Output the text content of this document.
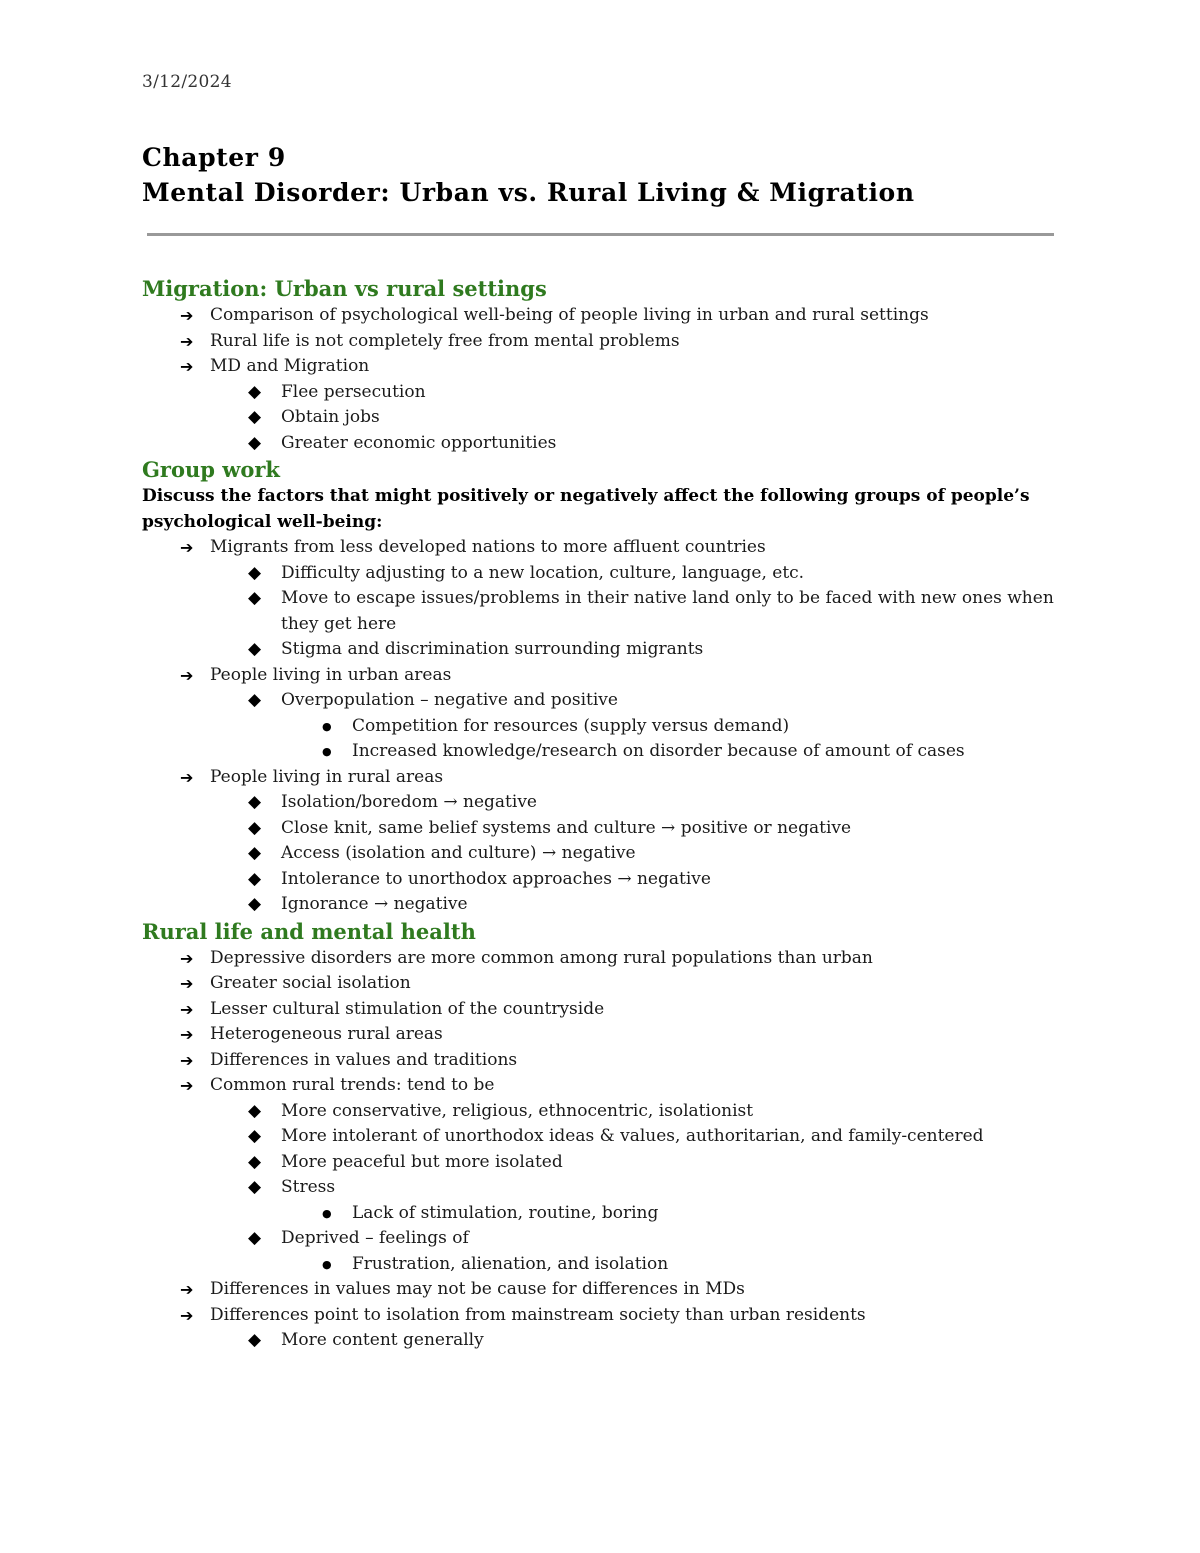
3/12/2024
Chapter 9
Mental Disorder: Urban vs. Rural Living & Migration
Migration: Urban vs rural settings
➔ Comparison of psychological well-being of people living in urban and rural settings
➔ Rural life is not completely free from mental problems
➔ MD and Migration
◆ Flee persecution
◆ Obtain jobs
◆ Greater economic opportunities
Group work

Discuss the factors that might positively or negatively affect the following groups of people’s psychological well-being:

➔ Migrants from less developed nations to more affluent countries
◆ Difficulty adjusting to a new location, culture, language, etc.
◆ Move to escape issues/problems in their native land only to be faced with new ones when they get here
◆ Stigma and discrimination surrounding migrants
➔ People living in urban areas
◆ Overpopulation – negative and positive
● Competition for resources (supply versus demand)
● Increased knowledge/research on disorder because of amount of cases
➔ People living in rural areas
◆ Isolation/boredom → negative
◆ Close knit, same belief systems and culture → positive or negative
◆ Access (isolation and culture) → negative
◆ Intolerance to unorthodox approaches → negative
◆ Ignorance → negative
Rural life and mental health
➔ Depressive disorders are more common among rural populations than urban
➔ Greater social isolation
➔ Lesser cultural stimulation of the countryside
➔ Heterogeneous rural areas
➔ Differences in values and traditions
➔ Common rural trends: tend to be
◆ More conservative, religious, ethnocentric, isolationist
◆ More intolerant of unorthodox ideas & values, authoritarian, and family-centered
◆ More peaceful but more isolated
◆ Stress
● Lack of stimulation, routine, boring
◆ Deprived – feelings of
● Frustration, alienation, and isolation
➔ Differences in values may not be cause for differences in MDs
➔ Differences point to isolation from mainstream society than urban residents
◆ More content generally
